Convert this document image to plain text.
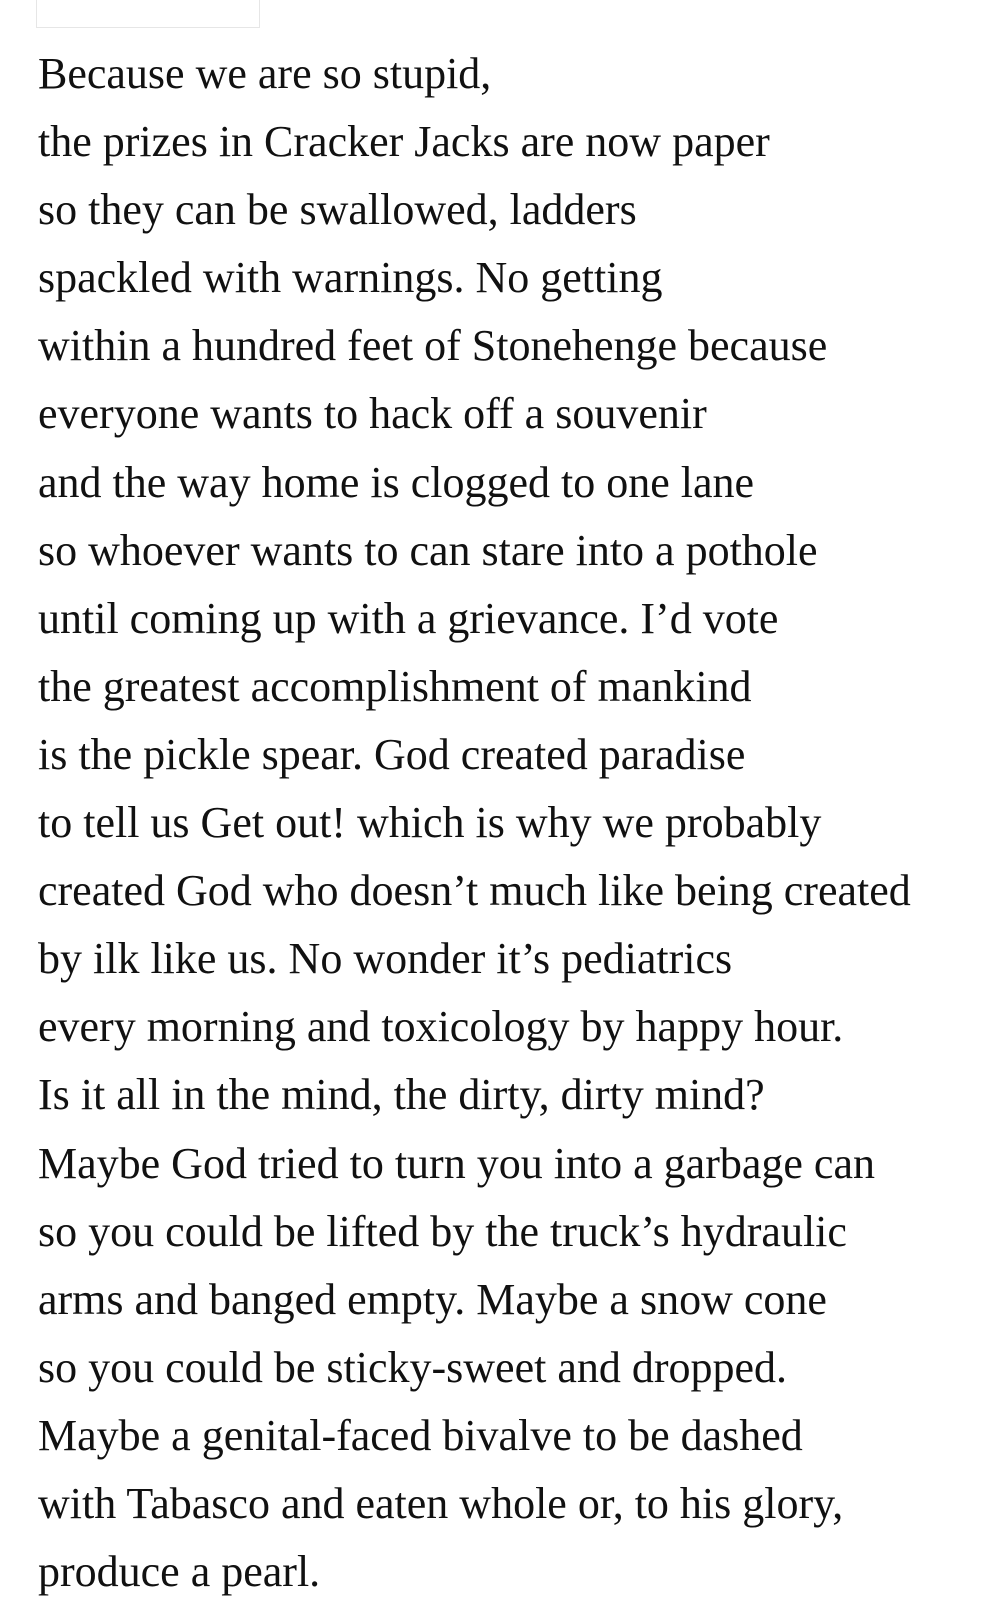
Because we are so stupid,
the prizes in Cracker Jacks are now paper
so they can be swallowed, ladders
spackled with warnings. No getting
within a hundred feet of Stonehenge because
everyone wants to hack off a souvenir
and the way home is clogged to one lane
so whoever wants to can stare into a pothole
until coming up with a grievance. I’d vote
the greatest accomplishment of mankind
is the pickle spear. God created paradise
to tell us Get out! which is why we probably
created God who doesn’t much like being created
by ilk like us. No wonder it’s pediatrics
every morning and toxicology by happy hour.
Is it all in the mind, the dirty, dirty mind?
Maybe God tried to turn you into a garbage can
so you could be lifted by the truck’s hydraulic
arms and banged empty. Maybe a snow cone
so you could be sticky-sweet and dropped.
Maybe a genital-faced bivalve to be dashed
with Tabasco and eaten whole or, to his glory,
produce a pearl.
